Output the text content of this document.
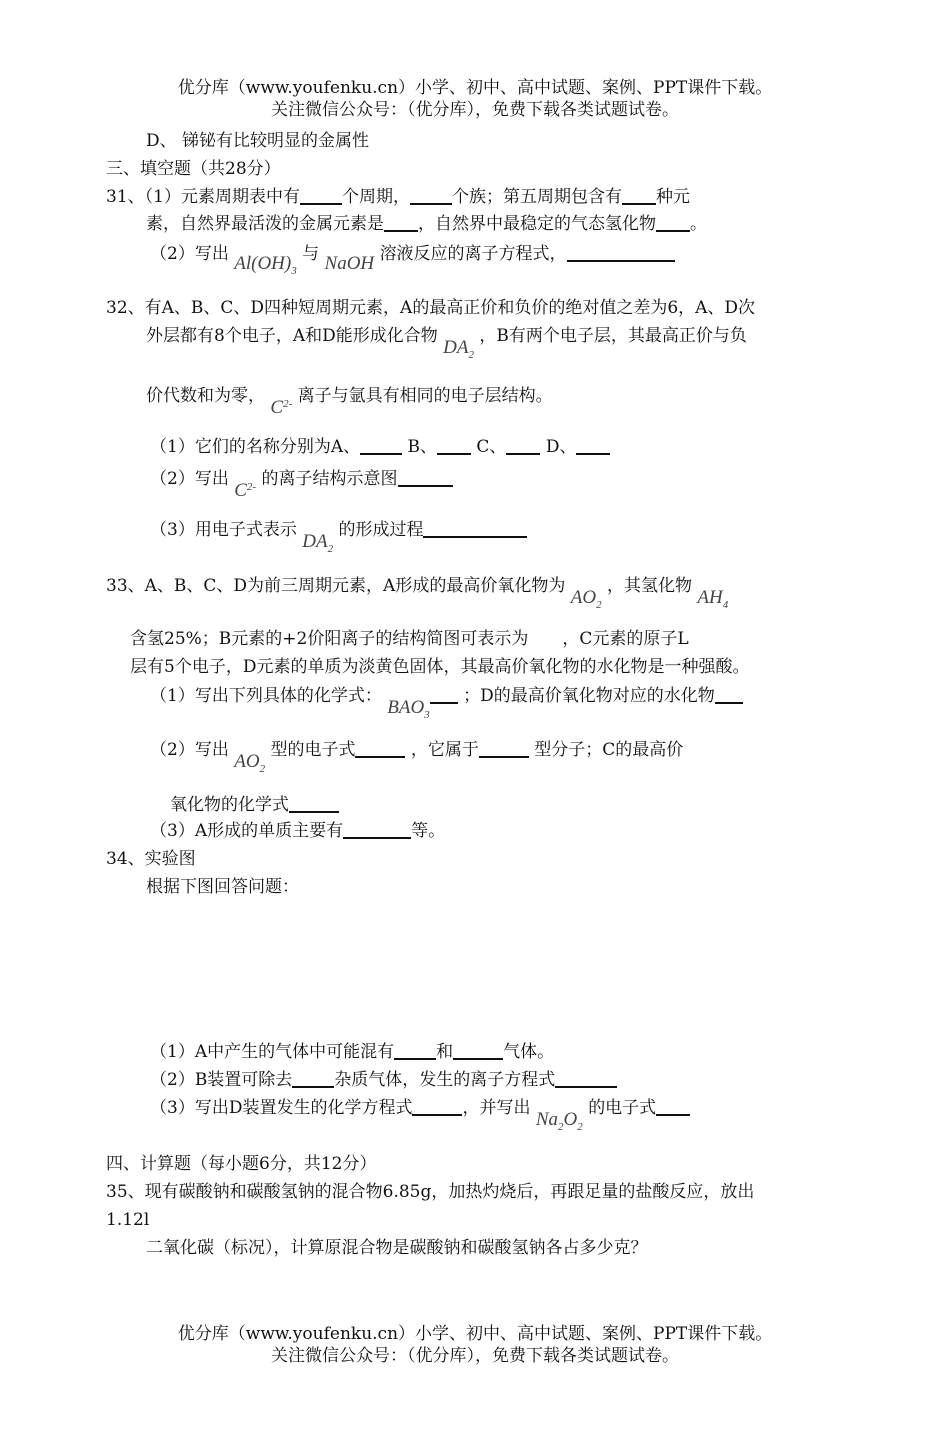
优分库（www.youfenku.cn）小学、初中、高中试题、案例、PPT课件下载。
关注微信公众号：（优分库），免费下载各类试题试卷。
D、 锑铋有比较明显的金属性
三、填空题（共28分）
31、（1）元素周期表中有 个周期， 个族；第五周期包含有 种元
素，自然界最活泼的金属元素是 ，自然界中最稳定的气态氢化物 。
（2）写出 $Al(OH)_3$ 与 NaOH 溶液反应的离子方程式，
32、有A、B、C、D四种短周期元素，A的最高正价和负价的绝对值之差为6，A、D次
外层都有8个电子，A和D能形成化合物 $DA_2$ ，B有两个电子层，其最高正价与负
价代数和为零， $C^{2-}$ 离子与氩具有相同的电子层结构。
（1）它们的名称分别为A、	B、 C、 D、
（2）写出 $C^{2-}$ 的离子结构示意图
（3）用电子式表示 $DA_2$ 的形成过程
33、A、B、C、D为前三周期元素，A形成的最高价氧化物为 $AO_2$ ，其氢化物 $AH_4$
含氢25%；B元素的+2价阳离子的结构简图可表示为　　，C元素的原子L
层有5个电子，D元素的单质为淡黄色固体，其最高价氧化物的水化物是一种强酸。
（1）写出下列具体的化学式： $BAO_3$ ；D的最高价氧化物对应的水化物
（2）写出 $AO_2$ 型的电子式	，它属于	型分子；C的最高价
氧化物的化学式
（3）A形成的单质主要有	等。
34、实验图
根据下图回答问题：
（1）A中产生的气体中可能混有 和	气体。
（2）B装置可除去 杂质气体，发生的离子方程式
（3）写出D装置发生的化学方程式	，并写出 $Na_2O_2$ 的电子式
四、计算题（每小题6分，共12分）
35、现有碳酸钠和碳酸氢钠的混合物6.85g，加热灼烧后，再跟足量的盐酸反应，放出
1.12l
二氧化碳（标况），计算原混合物是碳酸钠和碳酸氢钠各占多少克？
优分库（www.youfenku.cn）小学、初中、高中试题、案例、PPT课件下载。
关注微信公众号：（优分库），免费下载各类试题试卷。
